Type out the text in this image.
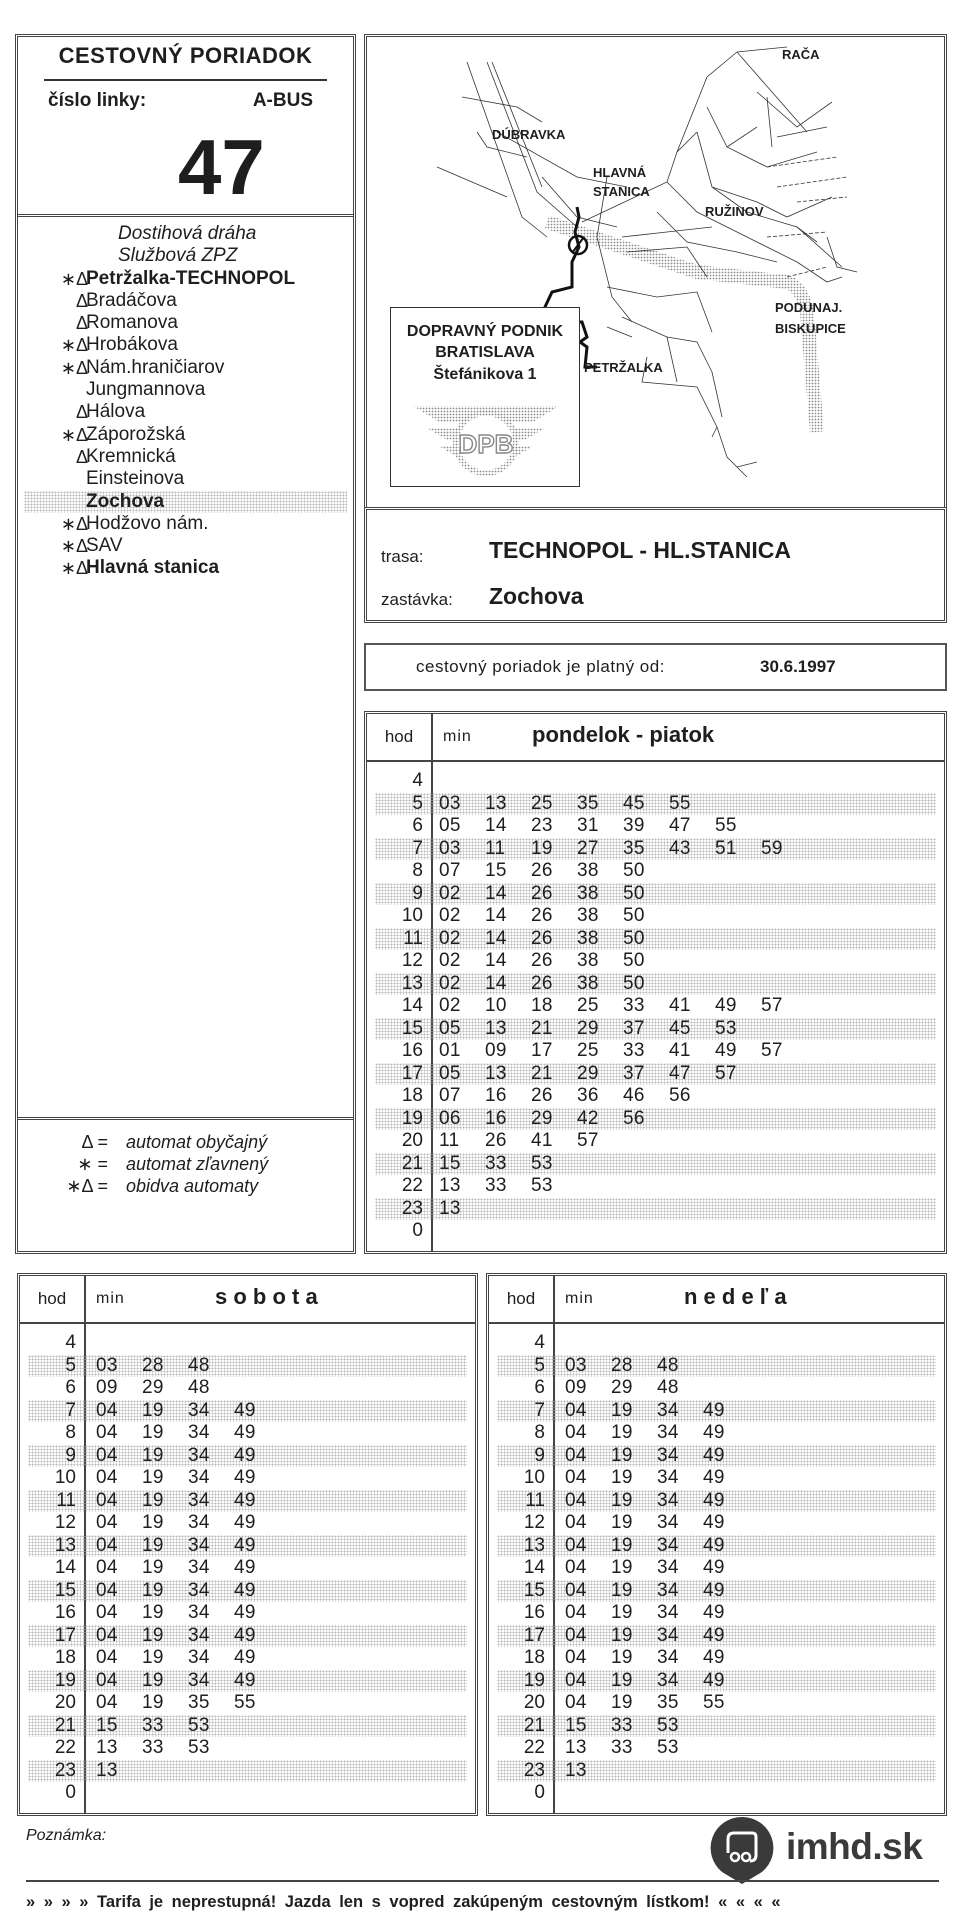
CESTOVNÝ PORIADOK
číslo linky:	A-BUS
47
Dostihová dráha
Službová ZPZ
∗Δ
Petržalka-TECHNOPOL
Δ
Bradáčova
Δ
Romanova
∗Δ
Hrobákova
∗Δ
Nám.hraničiarov
Jungmannova
Δ
Hálova
∗Δ
Záporožská
Δ
Kremnická
Einsteinova
Zochova
∗Δ
Hodžovo nám.
∗Δ
SAV
∗Δ
Hlavná stanica
Δ = automat obyčajný
∗ = automat zľavnený
∗Δ = obidva automaty
RAČA
DÚBRAVKA
HLAVNÁ
STANICA
RUŽINOV
PODUNAJ.
BISKUPICE
PETRŽALKA
DOPRAVNÝ PODNIK
BRATISLAVA
Štefánikova 1
DPB
trasa:	TECHNOPOL - HL.STANICA
zastávka: Zochova
cestovný poriadok je platný od:	30.6.1997
hod	min	pondelok - piatok
4
5 03 13 25 35 45 55
6 05 14 23 31 39 47 55
7 03 11 19 27 35 43 51 59
8 07 15 26 38 50
9 02 14 26 38 50
10 02 14 26 38 50
11 02 14 26 38 50
12 02 14 26 38 50
13 02 14 26 38 50
14 02 10 18 25 33 41 49 57
15 05 13 21 29 37 45 53
16 01 09 17 25 33 41 49 57
17 05 13 21 29 37 47 57
18 07 16 26 36 46 56
19 06 16 29 42 56
20 11 26 41 57
21 15 33 53
22 13 33 53
23 13
0
hod	min	s o b o t a
4
5 03 28 48
6 09 29 48
7 04 19 34 49
8 04 19 34 49
9 04 19 34 49
10 04 19 34 49
11 04 19 34 49
12 04 19 34 49
13 04 19 34 49
14 04 19 34 49
15 04 19 34 49
16 04 19 34 49
17 04 19 34 49
18 04 19 34 49
19 04 19 34 49
20 04 19 35 55
21 15 33 53
22 13 33 53
23 13
0
hod	min	n e d e ľ a
4
5 03 28 48
6 09 29 48
7 04 19 34 49
8 04 19 34 49
9 04 19 34 49
10 04 19 34 49
11 04 19 34 49
12 04 19 34 49
13 04 19 34 49
14 04 19 34 49
15 04 19 34 49
16 04 19 34 49
17 04 19 34 49
18 04 19 34 49
19 04 19 34 49
20 04 19 35 55
21 15 33 53
22 13 33 53
23 13
0
Poznámka:	imhd.sk
» » » » Tarifa je neprestupná! Jazda len s vopred zakúpeným cestovným lístkom! « « « «
